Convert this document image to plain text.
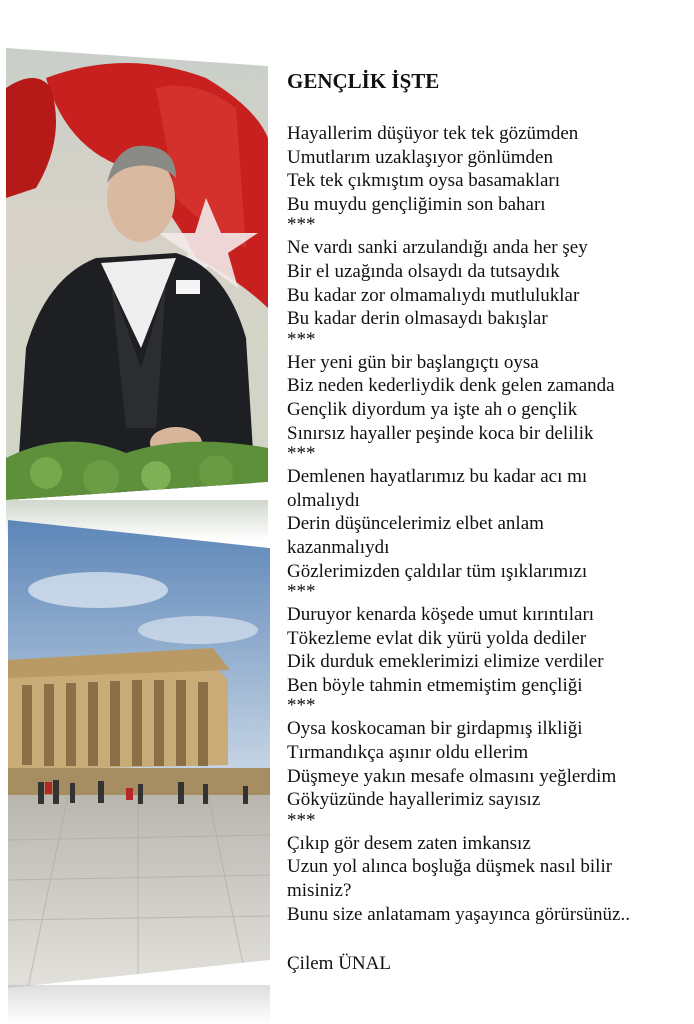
GENÇLİK İŞTE
Hayallerim düşüyor tek tek gözümden
Umutlarım uzaklaşıyor gönlümden
Tek tek çıkmıştım oysa basamakları
Bu muydu gençliğimin son baharı
***
Ne vardı sanki arzulandığı anda her şey
Bir el uzağında olsaydı da tutsaydık
Bu kadar zor olmamalıydı mutluluklar
Bu kadar derin olmasaydı bakışlar
***
Her yeni gün bir başlangıçtı oysa
Biz neden kederliydik denk gelen zamanda
Gençlik diyordum ya işte ah o gençlik
Sınırsız hayaller peşinde koca bir delilik
***
Demlenen hayatlarımız bu kadar acı mı
olmalıydı
Derin düşüncelerimiz elbet anlam
kazanmalıydı
Gözlerimizden çaldılar tüm ışıklarımızı
***
Duruyor kenarda köşede umut kırıntıları
Tökezleme evlat dik yürü yolda dediler
Dik durduk emeklerimizi elimize verdiler
Ben böyle tahmin etmemiştim gençliği
***
Oysa koskocaman bir girdapmış ilkliği
Tırmandıkça aşınır oldu ellerim
Düşmeye yakın mesafe olmasını yeğlerdim
Gökyüzünde hayallerimiz sayısız
***
Çıkıp gör desem zaten imkansız
Uzun yol alınca boşluğa düşmek nasıl bilir
misiniz?
Bunu size anlatamam yaşayınca görürsünüz..
Çilem ÜNAL
